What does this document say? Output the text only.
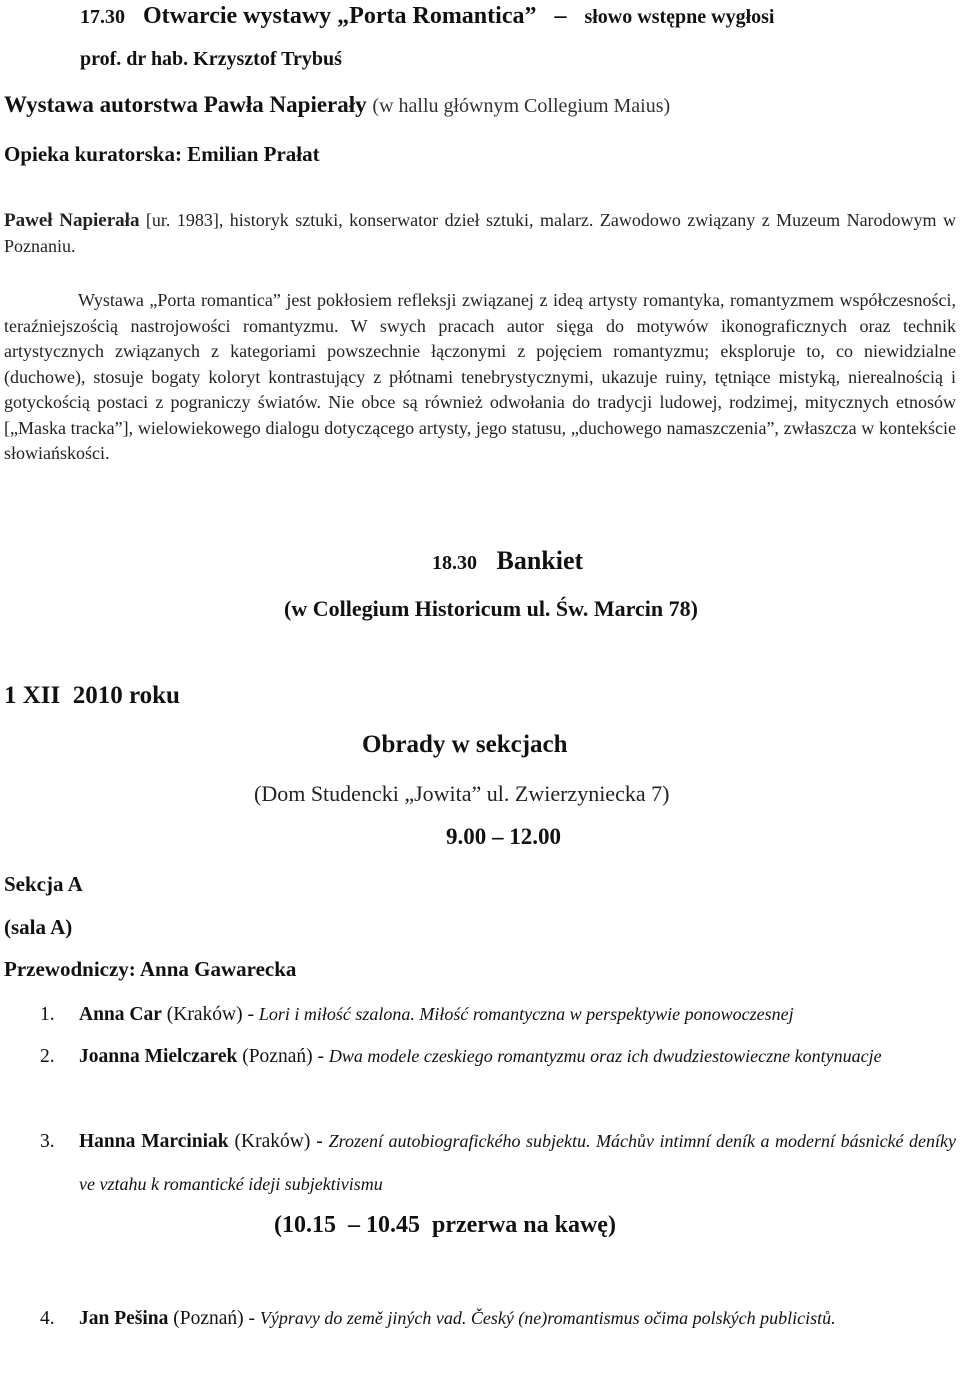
17.30 Otwarcie wystawy „Porta Romantica” – słowo wstępne wygłosi
prof. dr hab. Krzysztof Trybuś
Wystawa autorstwa Pawła Napierały (w hallu głównym Collegium Maius)
Opieka kuratorska: Emilian Prałat

Paweł Napierała [ur. 1983], historyk sztuki, konserwator dzieł sztuki, malarz. Zawodowo związany z Muzeum Narodowym w Poznaniu.

Wystawa „Porta romantica” jest pokłosiem refleksji związanej z ideą artysty romantyka, romantyzmem współczesności, teraźniejszością nastrojowości romantyzmu. W swych pracach autor sięga do motywów ikonograficznych oraz technik artystycznych związanych z kategoriami powszechnie łączonymi z pojęciem romantyzmu; eksploruje to, co niewidzialne (duchowe), stosuje bogaty koloryt kontrastujący z płótnami tenebrystycznymi, ukazuje ruiny, tętniące mistyką, nierealnością i gotyckością postaci z pograniczy światów. Nie obce są również odwołania do tradycji ludowej, rodzimej, mitycznych etnosów [„Maska tracka”], wielowiekowego dialogu dotyczącego artysty, jego statusu, „duchowego namaszczenia”, zwłaszcza w kontekście słowiańskości.

18.30 Bankiet
(w Collegium Historicum ul. Św. Marcin 78)
1 XII  2010 roku
Obrady w sekcjach
(Dom Studencki „Jowita” ul. Zwierzyniecka 7)
9.00 – 12.00
Sekcja A
(sala A)
Przewodniczy: Anna Gawarecka
1. Anna Car (Kraków) - Lori i miłość szalona. Miłość romantyczna w perspektywie ponowoczesnej
2. Joanna Mielczarek (Poznań) - Dwa modele czeskiego romantyzmu oraz ich dwudziestowieczne kontynuacje
3. Hanna Marciniak (Kraków) - Zrození autobiografického subjektu. Máchův intimní deník a moderní básnické deníky ve vztahu k romantické ideji subjektivismu
(10.15  – 10.45  przerwa na kawę)
4. Jan Pešina (Poznań) - Výpravy do země jiných vad. Český (ne)romantismus očima polských publicistů.
